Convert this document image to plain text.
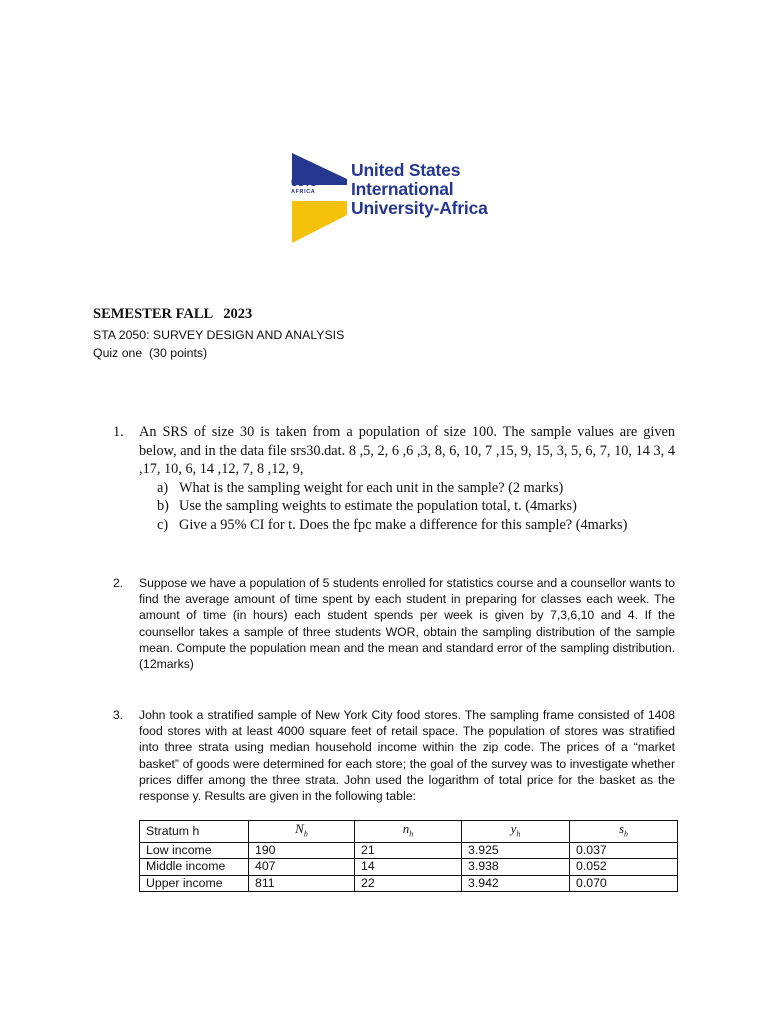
USTU
AFRICA
United States
International
University-Africa
SEMESTER FALL   2023
STA 2050: SURVEY DESIGN AND ANALYSIS
Quiz one  (30 points)
1. An SRS of size 30 is taken from a population of size 100. The sample values are given below, and in the data file srs30.dat. 8 ,5, 2, 6 ,6 ,3, 8, 6, 10, 7 ,15, 9, 15, 3, 5, 6, 7, 10, 14 3, 4 ,17, 10, 6, 14 ,12, 7, 8 ,12, 9,
a) What is the sampling weight for each unit in the sample? (2 marks)
b) Use the sampling weights to estimate the population total, t. (4marks)
c) Give a 95% CI for t. Does the fpc make a difference for this sample? (4marks)
2. Suppose we have a population of 5 students enrolled for statistics course and a counsellor wants to find the average amount of time spent by each student in preparing for classes each week. The amount of time (in hours) each student spends per week is given by 7,3,6,10 and 4. If the counsellor takes a sample of three students WOR, obtain the sampling distribution of the sample mean. Compute the population mean and the mean and standard error of the sampling distribution. (12marks)
3. John took a stratified sample of New York City food stores. The sampling frame consisted of 1408 food stores with at least 4000 square feet of retail space. The population of stores was stratified into three strata using median household income within the zip code. The prices of a “market basket” of goods were determined for each store; the goal of the survey was to investigate whether prices differ among the three strata. John used the logarithm of total price for the basket as the response y. Results are given in the following table:
Stratum h	$N_h$	$n_h$	$\overline{y}_h$	$s_h$
Low income	190	21	3.925	0.037
Middle income	407	14	3.938	0.052
Upper income	811	22	3.942	0.070
